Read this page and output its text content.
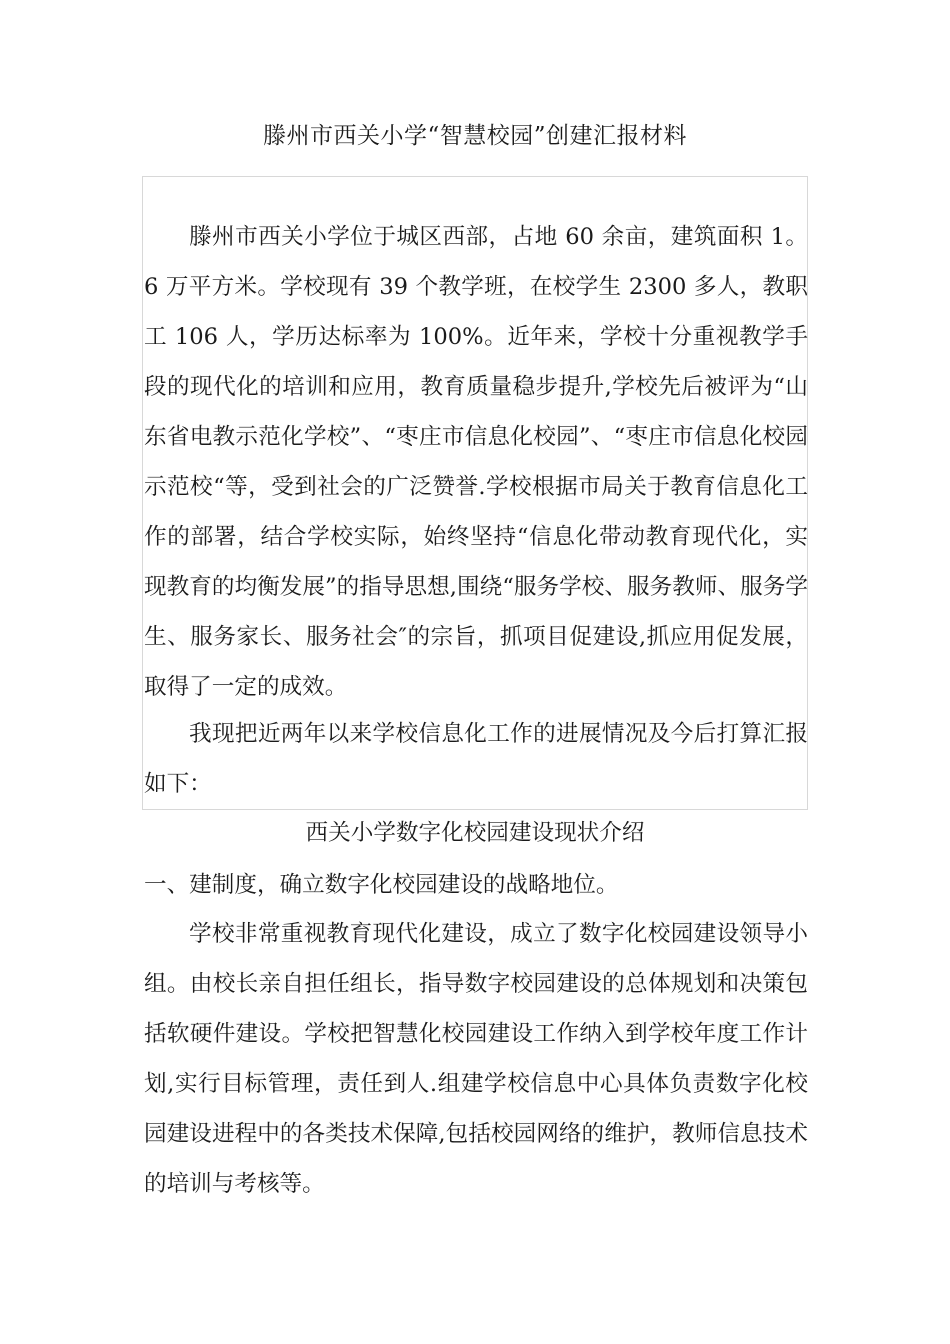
滕州市西关小学“智慧校园”创建汇报材料

滕州市西关小学位于城区西部，占地 60 余亩，建筑面积 1。6 万平方米。学校现有 39 个教学班，在校学生 2300 多人，教职工 106 人，学历达标率为 100%。近年来，学校十分重视教学手段的现代化的培训和应用，教育质量稳步提升,学校先后被评为“山东省电教示范化学校”、“枣庄市信息化校园”、“枣庄市信息化校园示范校“等，受到社会的广泛赞誉.学校根据市局关于教育信息化工作的部署，结合学校实际，始终坚持“信息化带动教育现代化，实现教育的均衡发展”的指导思想,围绕“服务学校、服务教师、服务学生、服务家长、服务社会″的宗旨，抓项目促建设,抓应用促发展，取得了一定的成效。

我现把近两年以来学校信息化工作的进展情况及今后打算汇报如下：

西关小学数字化校园建设现状介绍

一、建制度，确立数字化校园建设的战略地位。

学校非常重视教育现代化建设，成立了数字化校园建设领导小组。由校长亲自担任组长，指导数字校园建设的总体规划和决策包括软硬件建设。学校把智慧化校园建设工作纳入到学校年度工作计划,实行目标管理，责任到人.组建学校信息中心具体负责数字化校园建设进程中的各类技术保障,包括校园网络的维护，教师信息技术的培训与考核等。
